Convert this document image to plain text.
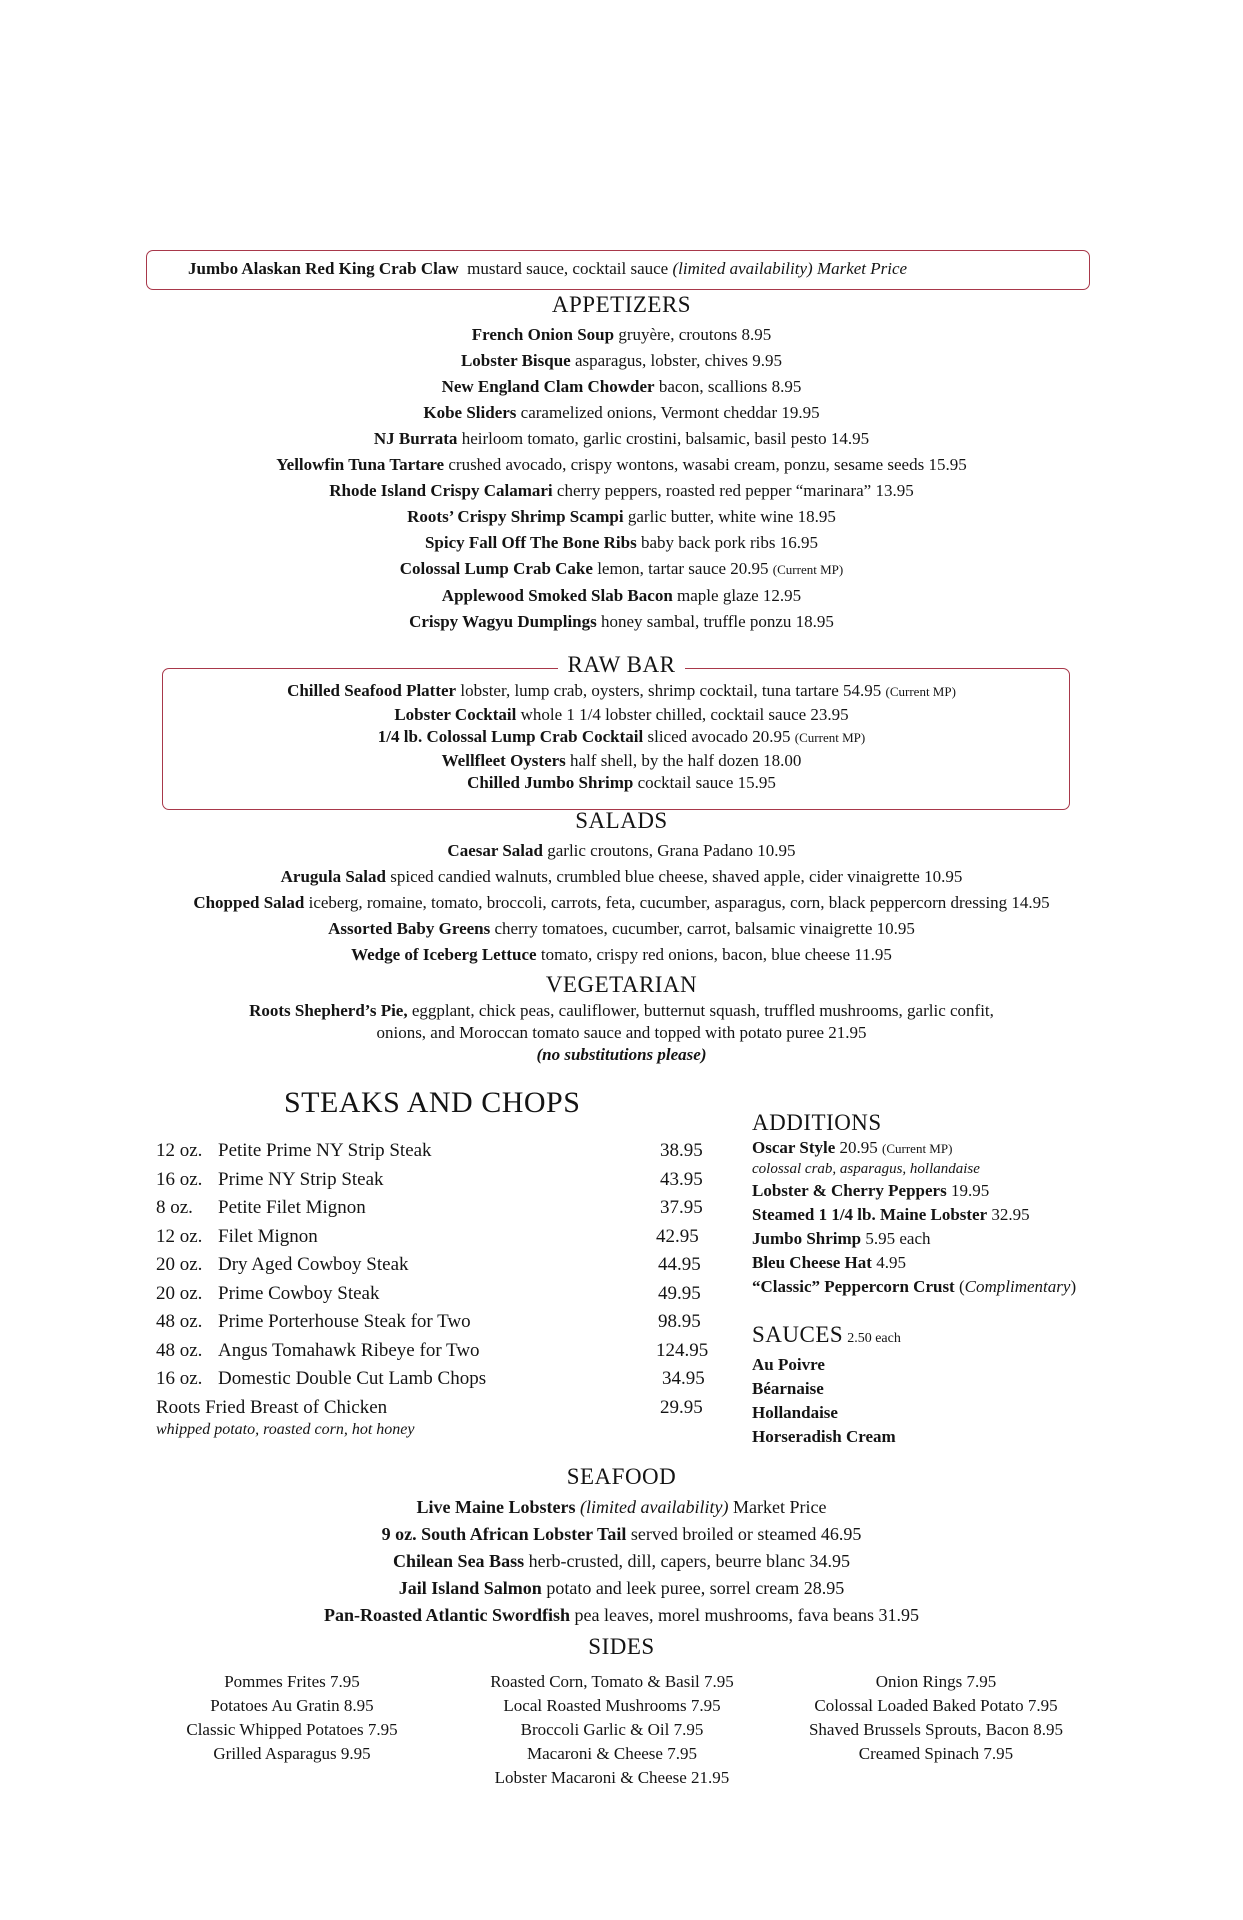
Jumbo Alaskan Red King Crab Claw mustard sauce, cocktail sauce (limited availability) Market Price
APPETIZERS
French Onion Soup gruyère, croutons 8.95
Lobster Bisque asparagus, lobster, chives 9.95
New England Clam Chowder bacon, scallions 8.95
Kobe Sliders caramelized onions, Vermont cheddar 19.95
NJ Burrata heirloom tomato, garlic crostini, balsamic, basil pesto 14.95
Yellowfin Tuna Tartare crushed avocado, crispy wontons, wasabi cream, ponzu, sesame seeds 15.95
Rhode Island Crispy Calamari cherry peppers, roasted red pepper “marinara” 13.95
Roots’ Crispy Shrimp Scampi garlic butter, white wine 18.95
Spicy Fall Off The Bone Ribs baby back pork ribs 16.95
Colossal Lump Crab Cake lemon, tartar sauce 20.95 (Current MP)
Applewood Smoked Slab Bacon maple glaze 12.95
Crispy Wagyu Dumplings honey sambal, truffle ponzu 18.95
RAW BAR
Chilled Seafood Platter lobster, lump crab, oysters, shrimp cocktail, tuna tartare 54.95 (Current MP)
Lobster Cocktail whole 1 1/4 lobster chilled, cocktail sauce 23.95
1/4 lb. Colossal Lump Crab Cocktail sliced avocado 20.95 (Current MP)
Wellfleet Oysters half shell, by the half dozen 18.00
Chilled Jumbo Shrimp cocktail sauce 15.95
SALADS
Caesar Salad garlic croutons, Grana Padano 10.95
Arugula Salad spiced candied walnuts, crumbled blue cheese, shaved apple, cider vinaigrette 10.95
Chopped Salad iceberg, romaine, tomato, broccoli, carrots, feta, cucumber, asparagus, corn, black peppercorn dressing 14.95
Assorted Baby Greens cherry tomatoes, cucumber, carrot, balsamic vinaigrette 10.95
Wedge of Iceberg Lettuce tomato, crispy red onions, bacon, blue cheese 11.95
VEGETARIAN
Roots Shepherd’s Pie, eggplant, chick peas, cauliflower, butternut squash, truffled mushrooms, garlic confit,
onions, and Moroccan tomato sauce and topped with potato puree 21.95
(no substitutions please)
STEAKS AND CHOPS
12 oz. Petite Prime NY Strip Steak	38.95
16 oz. Prime NY Strip Steak	43.95
8 oz. Petite Filet Mignon	37.95
12 oz. Filet Mignon	42.95
20 oz. Dry Aged Cowboy Steak	44.95
20 oz. Prime Cowboy Steak	49.95
48 oz. Prime Porterhouse Steak for Two	98.95
48 oz. Angus Tomahawk Ribeye for Two	124.95
16 oz. Domestic Double Cut Lamb Chops	34.95
Roots Fried Breast of Chicken	29.95
whipped potato, roasted corn, hot honey
ADDITIONS
Oscar Style 20.95 (Current MP)
colossal crab, asparagus, hollandaise
Lobster & Cherry Peppers 19.95
Steamed 1 1/4 lb. Maine Lobster 32.95
Jumbo Shrimp 5.95 each
Bleu Cheese Hat 4.95
“Classic” Peppercorn Crust (Complimentary)
SAUCES 2.50 each
Au Poivre
Béarnaise
Hollandaise
Horseradish Cream
SEAFOOD
Live Maine Lobsters (limited availability) Market Price
9 oz. South African Lobster Tail served broiled or steamed 46.95
Chilean Sea Bass herb-crusted, dill, capers, beurre blanc 34.95
Jail Island Salmon potato and leek puree, sorrel cream 28.95
Pan-Roasted Atlantic Swordfish pea leaves, morel mushrooms, fava beans 31.95
SIDES
Pommes Frites 7.95
Potatoes Au Gratin 8.95
Classic Whipped Potatoes 7.95
Grilled Asparagus 9.95
Roasted Corn, Tomato & Basil 7.95
Local Roasted Mushrooms 7.95
Broccoli Garlic & Oil 7.95
Macaroni & Cheese 7.95
Lobster Macaroni & Cheese 21.95
Onion Rings 7.95
Colossal Loaded Baked Potato 7.95
Shaved Brussels Sprouts, Bacon 8.95
Creamed Spinach 7.95
